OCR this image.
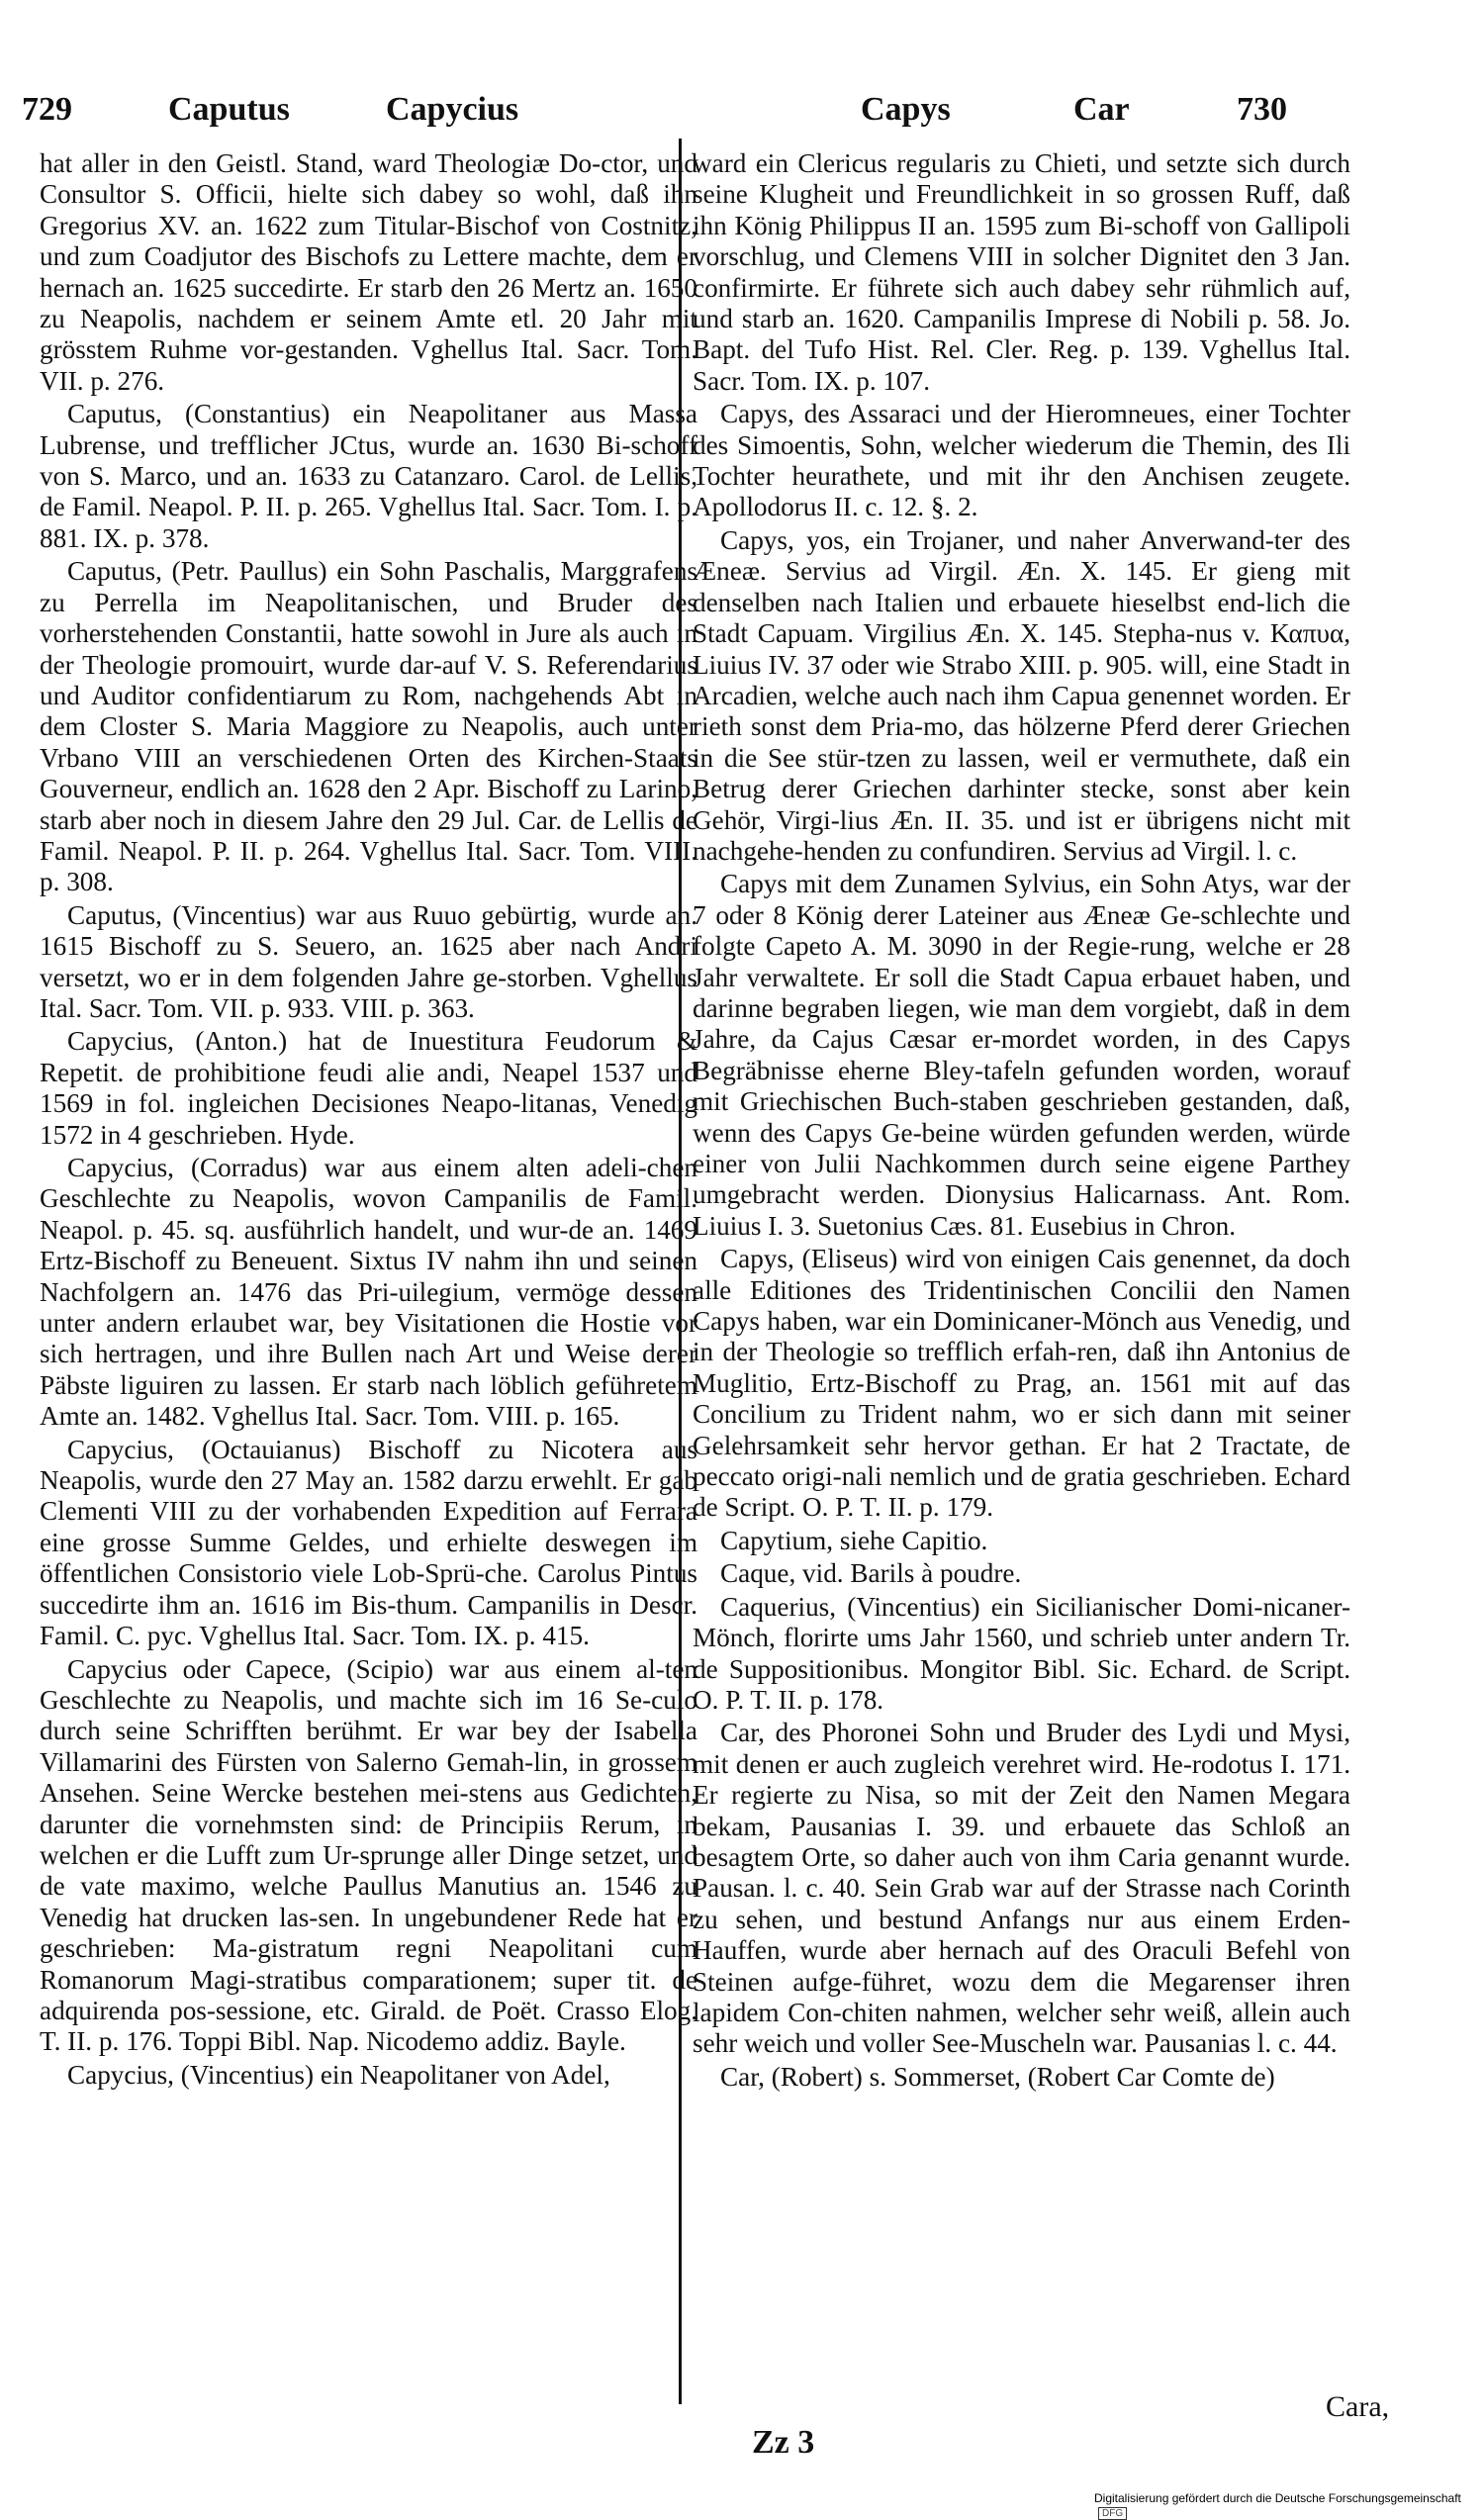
729	Caputus	Capycius	Capys	Car	730

hat aller in den Geistl. Stand, ward Theologiæ Do-ctor, und Consultor S. Officii, hielte sich dabey so wohl, daß ihn Gregorius XV. an. 1622 zum Titular-Bischof von Costnitz, und zum Coadjutor des Bischofs zu Lettere machte, dem er hernach an. 1625 succedirte. Er starb den 26 Mertz an. 1650 zu Neapolis, nachdem er seinem Amte etl. 20 Jahr mit grösstem Ruhme vor-gestanden. Vghellus Ital. Sacr. Tom. VII. p. 276.

Caputus, (Constantius) ein Neapolitaner aus Massa Lubrense, und trefflicher JCtus, wurde an. 1630 Bi-schoff von S. Marco, und an. 1633 zu Catanzaro. Carol. de Lellis, de Famil. Neapol. P. II. p. 265. Vghellus Ital. Sacr. Tom. I. p. 881. IX. p. 378.

Caputus, (Petr. Paullus) ein Sohn Paschalis, Marggrafens zu Perrella im Neapolitanischen, und Bruder des vorherstehenden Constantii, hatte sowohl in Jure als auch in der Theologie promouirt, wurde dar-auf V. S. Referendarius und Auditor confidentiarum zu Rom, nachgehends Abt in dem Closter S. Maria Maggiore zu Neapolis, auch unter Vrbano VIII an verschiedenen Orten des Kirchen-Staats Gouverneur, endlich an. 1628 den 2 Apr. Bischoff zu Larino, starb aber noch in diesem Jahre den 29 Jul. Car. de Lellis de Famil. Neapol. P. II. p. 264. Vghellus Ital. Sacr. Tom. VIII. p. 308.

Caputus, (Vincentius) war aus Ruuo gebürtig, wurde an. 1615 Bischoff zu S. Seuero, an. 1625 aber nach Andri versetzt, wo er in dem folgenden Jahre ge-storben. Vghellus Ital. Sacr. Tom. VII. p. 933. VIII. p. 363.

Capycius, (Anton.) hat de Inuestitura Feudorum & Repetit. de prohibitione feudi alie andi, Neapel 1537 und 1569 in fol. ingleichen Decisiones Neapo-litanas, Venedig 1572 in 4 geschrieben. Hyde.

Capycius, (Corradus) war aus einem alten adeli-chen Geschlechte zu Neapolis, wovon Campanilis de Famil. Neapol. p. 45. sq. ausführlich handelt, und wur-de an. 1469 Ertz-Bischoff zu Beneuent. Sixtus IV nahm ihn und seinen Nachfolgern an. 1476 das Pri-uilegium, vermöge dessen unter andern erlaubet war, bey Visitationen die Hostie vor sich hertragen, und ihre Bullen nach Art und Weise derer Päbste liguiren zu lassen. Er starb nach löblich geführetem Amte an. 1482. Vghellus Ital. Sacr. Tom. VIII. p. 165.

Capycius, (Octauianus) Bischoff zu Nicotera aus Neapolis, wurde den 27 May an. 1582 darzu erwehlt. Er gab Clementi VIII zu der vorhabenden Expedition auf Ferrara eine grosse Summe Geldes, und erhielte deswegen im öffentlichen Consistorio viele Lob-Sprü-che. Carolus Pintus succedirte ihm an. 1616 im Bis-thum. Campanilis in Descr. Famil. C. pyc. Vghellus Ital. Sacr. Tom. IX. p. 415.

Capycius oder Capece, (Scipio) war aus einem al-ten Geschlechte zu Neapolis, und machte sich im 16 Se-culo durch seine Schrifften berühmt. Er war bey der Isabella Villamarini des Fürsten von Salerno Gemah-lin, in grossem Ansehen. Seine Wercke bestehen mei-stens aus Gedichten, darunter die vornehmsten sind: de Principiis Rerum, in welchen er die Lufft zum Ur-sprunge aller Dinge setzet, und de vate maximo, welche Paullus Manutius an. 1546 zu Venedig hat drucken las-sen. In ungebundener Rede hat er geschrieben: Ma-gistratum regni Neapolitani cum Romanorum Magi-stratibus comparationem; super tit. de adquirenda pos-sessione, etc. Girald. de Poët. Crasso Elog. T. II. p. 176. Toppi Bibl. Nap. Nicodemo addiz. Bayle.

Capycius, (Vincentius) ein Neapolitaner von Adel,

ward ein Clericus regularis zu Chieti, und setzte sich durch seine Klugheit und Freundlichkeit in so grossen Ruff, daß ihn König Philippus II an. 1595 zum Bi-schoff von Gallipoli vorschlug, und Clemens VIII in solcher Dignitet den 3 Jan. confirmirte. Er führete sich auch dabey sehr rühmlich auf, und starb an. 1620. Campanilis Imprese di Nobili p. 58. Jo. Bapt. del Tufo Hist. Rel. Cler. Reg. p. 139. Vghellus Ital. Sacr. Tom. IX. p. 107.

Capys, des Assaraci und der Hieromneues, einer Tochter des Simoentis, Sohn, welcher wiederum die Themin, des Ili Tochter heurathete, und mit ihr den Anchisen zeugete. Apollodorus II. c. 12. §. 2.

Capys, yos, ein Trojaner, und naher Anverwand-ter des Æneæ. Servius ad Virgil. Æn. X. 145. Er gieng mit denselben nach Italien und erbauete hieselbst end-lich die Stadt Capuam. Virgilius Æn. X. 145. Stepha-nus v. Καπυα, Liuius IV. 37 oder wie Strabo XIII. p. 905. will, eine Stadt in Arcadien, welche auch nach ihm Capua genennet worden. Er rieth sonst dem Pria-mo, das hölzerne Pferd derer Griechen in die See stür-tzen zu lassen, weil er vermuthete, daß ein Betrug derer Griechen darhinter stecke, sonst aber kein Gehör, Virgi-lius Æn. II. 35. und ist er übrigens nicht mit nachgehe-henden zu confundiren. Servius ad Virgil. l. c.

Capys mit dem Zunamen Sylvius, ein Sohn Atys, war der 7 oder 8 König derer Lateiner aus Æneæ Ge-schlechte und folgte Capeto A. M. 3090 in der Regie-rung, welche er 28 Jahr verwaltete. Er soll die Stadt Capua erbauet haben, und darinne begraben liegen, wie man dem vorgiebt, daß in dem Jahre, da Cajus Cæsar er-mordet worden, in des Capys Begräbnisse eherne Bley-tafeln gefunden worden, worauf mit Griechischen Buch-staben geschrieben gestanden, daß, wenn des Capys Ge-beine würden gefunden werden, würde einer von Julii Nachkommen durch seine eigene Parthey umgebracht werden. Dionysius Halicarnass. Ant. Rom. Liuius I. 3. Suetonius Cæs. 81. Eusebius in Chron.

Capys, (Eliseus) wird von einigen Cais genennet, da doch alle Editiones des Tridentinischen Concilii den Namen Capys haben, war ein Dominicaner-Mönch aus Venedig, und in der Theologie so trefflich erfah-ren, daß ihn Antonius de Muglitio, Ertz-Bischoff zu Prag, an. 1561 mit auf das Concilium zu Trident nahm, wo er sich dann mit seiner Gelehrsamkeit sehr hervor gethan. Er hat 2 Tractate, de peccato origi-nali nemlich und de gratia geschrieben. Echard de Script. O. P. T. II. p. 179.

Capytium, siehe Capitio.

Caque, vid. Barils à poudre.

Caquerius, (Vincentius) ein Sicilianischer Domi-nicaner-Mönch, florirte ums Jahr 1560, und schrieb unter andern Tr. de Suppositionibus. Mongitor Bibl. Sic. Echard. de Script. O. P. T. II. p. 178.

Car, des Phoronei Sohn und Bruder des Lydi und Mysi, mit denen er auch zugleich verehret wird. He-rodotus I. 171. Er regierte zu Nisa, so mit der Zeit den Namen Megara bekam, Pausanias I. 39. und erbauete das Schloß an besagtem Orte, so daher auch von ihm Caria genannt wurde. Pausan. l. c. 40. Sein Grab war auf der Strasse nach Corinth zu sehen, und bestund Anfangs nur aus einem Erden-Hauffen, wurde aber hernach auf des Oraculi Befehl von Steinen aufge-führet, wozu dem die Megarenser ihren lapidem Con-chiten nahmen, welcher sehr weiß, allein auch sehr weich und voller See-Muscheln war. Pausanias l. c. 44.

Car, (Robert) s. Sommerset, (Robert Car Comte de)

Cara,
Zz 3
Digitalisierung gefördert durch die Deutsche Forschungsgemeinschaft DFG
